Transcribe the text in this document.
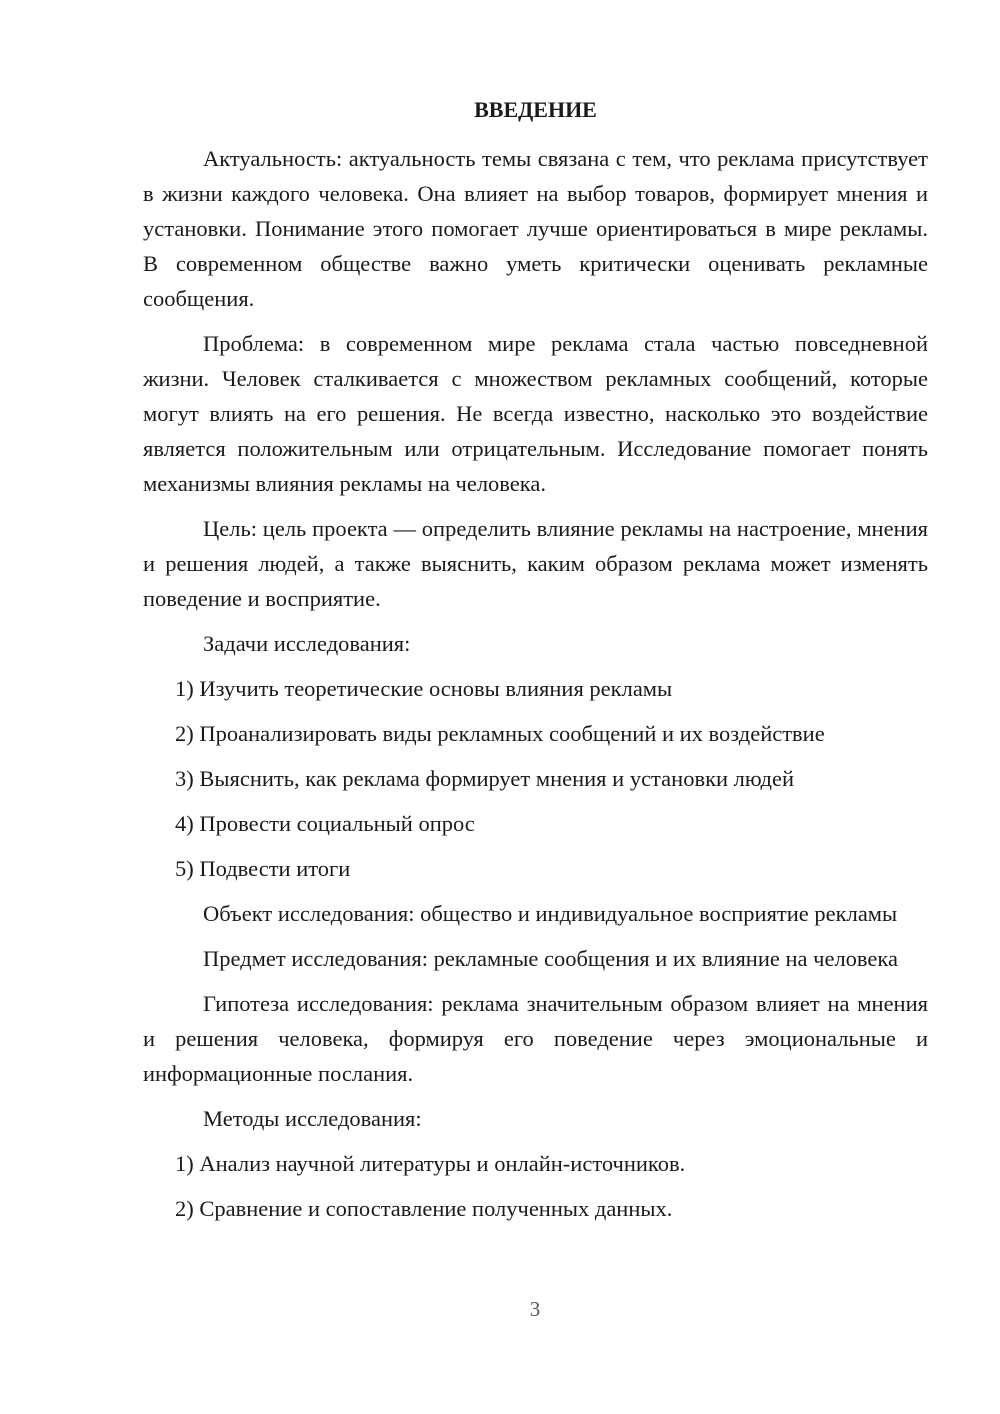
ВВЕДЕНИЕ

Актуальность: актуальность темы связана с тем, что реклама присутствует в жизни каждого человека. Она влияет на выбор товаров, формирует мнения и установки. Понимание этого помогает лучше ориентироваться в мире рекламы. В современном обществе важно уметь критически оценивать рекламные сообщения.

Проблема: в современном мире реклама стала частью повседневной жизни. Человек сталкивается с множеством рекламных сообщений, которые могут влиять на его решения. Не всегда известно, насколько это воздействие является положительным или отрицательным. Исследование помогает понять механизмы влияния рекламы на человека.

Цель: цель проекта — определить влияние рекламы на настроение, мнения и решения людей, а также выяснить, каким образом реклама может изменять поведение и восприятие.

Задачи исследования:
1) Изучить теоретические основы влияния рекламы
2) Проанализировать виды рекламных сообщений и их воздействие
3) Выяснить, как реклама формирует мнения и установки людей
4) Провести социальный опрос
5) Подвести итоги

Объект исследования: общество и индивидуальное восприятие рекламы

Предмет исследования: рекламные сообщения и их влияние на человека

Гипотеза исследования: реклама значительным образом влияет на мнения и решения человека, формируя его поведение через эмоциональные и информационные послания.

Методы исследования:
1) Анализ научной литературы и онлайн-источников.
2) Сравнение и сопоставление полученных данных.
3
